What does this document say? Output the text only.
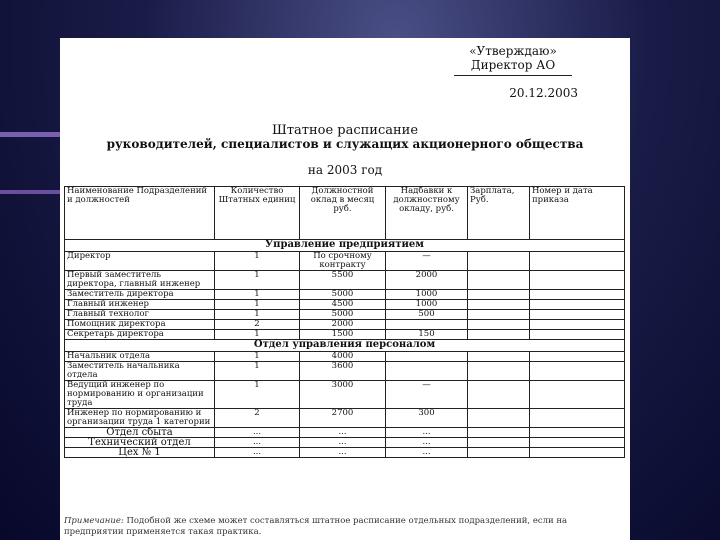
«Утверждаю»
Директор АО
20.12.2003
Штатное расписание
руководителей, специалистов и служащих акционерного общества
на 2003 год
Наименование Подразделений и должностей	Количество Штатных единиц	Должностной оклад в месяц руб.	Надбавки к должностному окладу, руб.	Зарплата, Руб.	Номер и дата приказа
Управление предприятием					
Директор	1	По срочному контракту	—		
Первый заместитель директора, главный инженер	1	5500	2000		
Заместитель директора	1	5000	1000		
Главный инженер	1	4500	1000		
Главный технолог	1	5000	500		
Помощник директора	2	2000			
Секретарь директора	1	1500	150		
Отдел управления персоналом					
Начальник отдела	1	4000			
Заместитель начальника отдела	1	3600			
Ведущий инженер по нормированию и организации труда	1	3000	—		
Инженер по нормированию и организации труда 1 категории	2	2700	300		
Отдел сбыта	...	...	...		
Технический отдел	...	...	...		
Цех № 1	...	...	...		
Примечание: Подобной же схеме может составляться штатное расписание отдельных подразделений, если на предприятии применяется такая практика.
